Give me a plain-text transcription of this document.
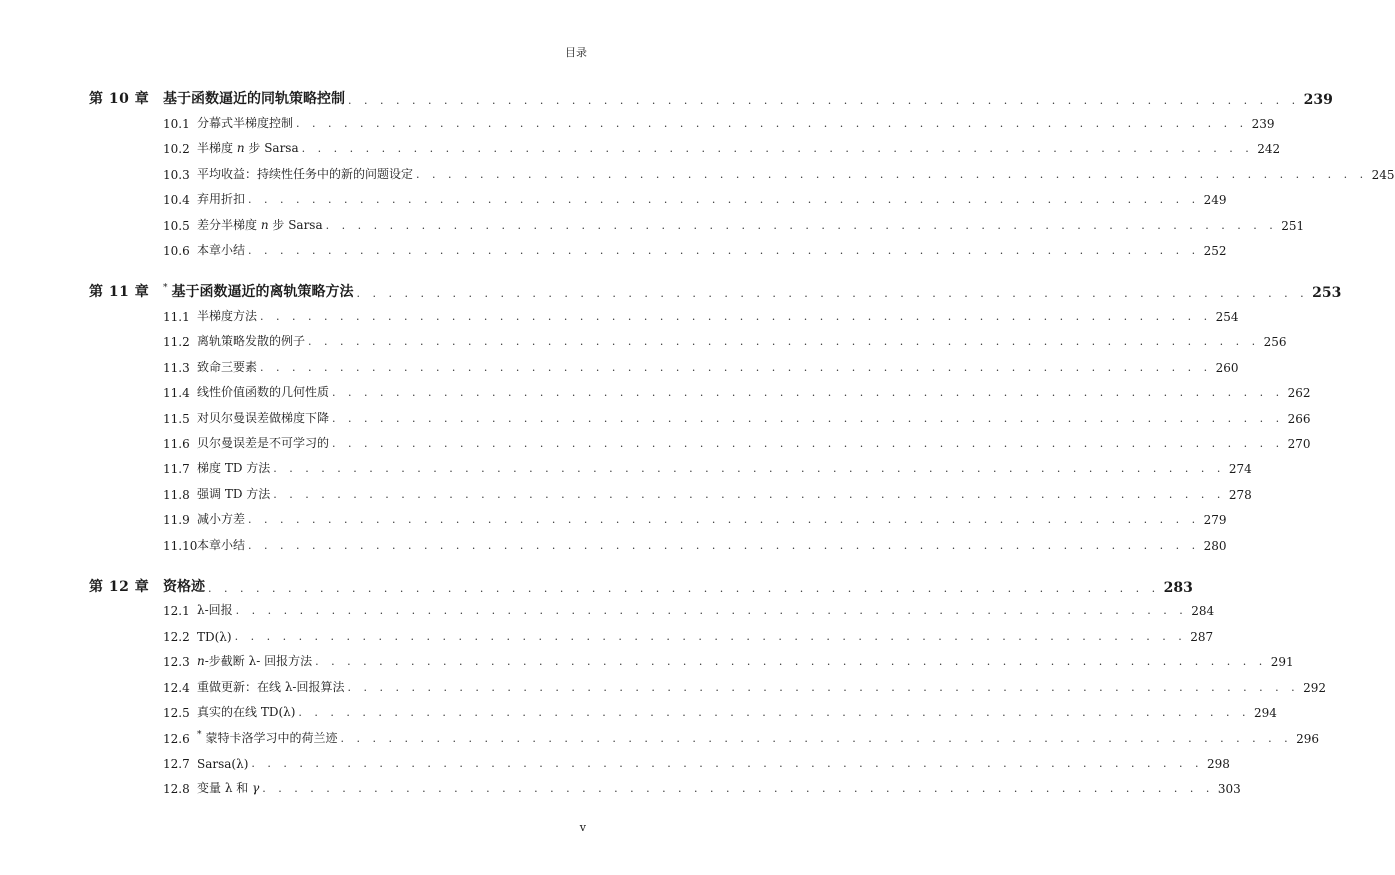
目录
第 10 章 基于函数逼近的同轨策略控制 . . . . . . . . . . . . . . . . . . . . . . . . . . . . . . . . . . . . . . . . . . . . . . . . . . . . . . . . . . . . 239
10.1 分幕式半梯度控制 . . . . . . . . . . . . . . . . . . . . . . . . . . . . . . . . . . . . . . . . . . . . . . . . . . . . . . . . . . . . 239
10.2 半梯度 n 步 Sarsa . . . . . . . . . . . . . . . . . . . . . . . . . . . . . . . . . . . . . . . . . . . . . . . . . . . . . . . . . . . . 242
10.3 平均收益：持续性任务中的新的问题设定 . . . . . . . . . . . . . . . . . . . . . . . . . . . . . . . . . . . . . . . . . . . . . . . . . . . . . . . . . . . . 245
10.4 弃用折扣 . . . . . . . . . . . . . . . . . . . . . . . . . . . . . . . . . . . . . . . . . . . . . . . . . . . . . . . . . . . . 249
10.5 差分半梯度 n 步 Sarsa . . . . . . . . . . . . . . . . . . . . . . . . . . . . . . . . . . . . . . . . . . . . . . . . . . . . . . . . . . . . 251
10.6 本章小结 . . . . . . . . . . . . . . . . . . . . . . . . . . . . . . . . . . . . . . . . . . . . . . . . . . . . . . . . . . . . 252
第 11 章	* 基于函数逼近的离轨策略方法 . . . . . . . . . . . . . . . . . . . . . . . . . . . . . . . . . . . . . . . . . . . . . . . . . . . . . . . . . . . . 253
11.1 半梯度方法 . . . . . . . . . . . . . . . . . . . . . . . . . . . . . . . . . . . . . . . . . . . . . . . . . . . . . . . . . . . . 254
11.2 离轨策略发散的例子 . . . . . . . . . . . . . . . . . . . . . . . . . . . . . . . . . . . . . . . . . . . . . . . . . . . . . . . . . . . . 256
11.3 致命三要素 . . . . . . . . . . . . . . . . . . . . . . . . . . . . . . . . . . . . . . . . . . . . . . . . . . . . . . . . . . . . 260
11.4 线性价值函数的几何性质 . . . . . . . . . . . . . . . . . . . . . . . . . . . . . . . . . . . . . . . . . . . . . . . . . . . . . . . . . . . . 262
11.5 对贝尔曼误差做梯度下降 . . . . . . . . . . . . . . . . . . . . . . . . . . . . . . . . . . . . . . . . . . . . . . . . . . . . . . . . . . . . 266
11.6 贝尔曼误差是不可学习的 . . . . . . . . . . . . . . . . . . . . . . . . . . . . . . . . . . . . . . . . . . . . . . . . . . . . . . . . . . . . 270
11.7 梯度 TD 方法 . . . . . . . . . . . . . . . . . . . . . . . . . . . . . . . . . . . . . . . . . . . . . . . . . . . . . . . . . . . . 274
11.8 强调 TD 方法 . . . . . . . . . . . . . . . . . . . . . . . . . . . . . . . . . . . . . . . . . . . . . . . . . . . . . . . . . . . . 278
11.9 减小方差 . . . . . . . . . . . . . . . . . . . . . . . . . . . . . . . . . . . . . . . . . . . . . . . . . . . . . . . . . . . . 279
11.10 本章小结 . . . . . . . . . . . . . . . . . . . . . . . . . . . . . . . . . . . . . . . . . . . . . . . . . . . . . . . . . . . . 280
第 12 章 资格迹 . . . . . . . . . . . . . . . . . . . . . . . . . . . . . . . . . . . . . . . . . . . . . . . . . . . . . . . . . . . . 283
12.1 λ-回报 . . . . . . . . . . . . . . . . . . . . . . . . . . . . . . . . . . . . . . . . . . . . . . . . . . . . . . . . . . . . 284
12.2 TD(λ) . . . . . . . . . . . . . . . . . . . . . . . . . . . . . . . . . . . . . . . . . . . . . . . . . . . . . . . . . . . . 287
12.3 n-步截断 λ- 回报方法 . . . . . . . . . . . . . . . . . . . . . . . . . . . . . . . . . . . . . . . . . . . . . . . . . . . . . . . . . . . . 291
12.4 重做更新：在线 λ-回报算法 . . . . . . . . . . . . . . . . . . . . . . . . . . . . . . . . . . . . . . . . . . . . . . . . . . . . . . . . . . . . 292
12.5 真实的在线 TD(λ) . . . . . . . . . . . . . . . . . . . . . . . . . . . . . . . . . . . . . . . . . . . . . . . . . . . . . . . . . . . . 294
12.6 * 蒙特卡洛学习中的荷兰迹 . . . . . . . . . . . . . . . . . . . . . . . . . . . . . . . . . . . . . . . . . . . . . . . . . . . . . . . . . . . . 296
12.7 Sarsa(λ) . . . . . . . . . . . . . . . . . . . . . . . . . . . . . . . . . . . . . . . . . . . . . . . . . . . . . . . . . . . . 298
12.8 变量 λ 和 γ . . . . . . . . . . . . . . . . . . . . . . . . . . . . . . . . . . . . . . . . . . . . . . . . . . . . . . . . . . . . 303
v
